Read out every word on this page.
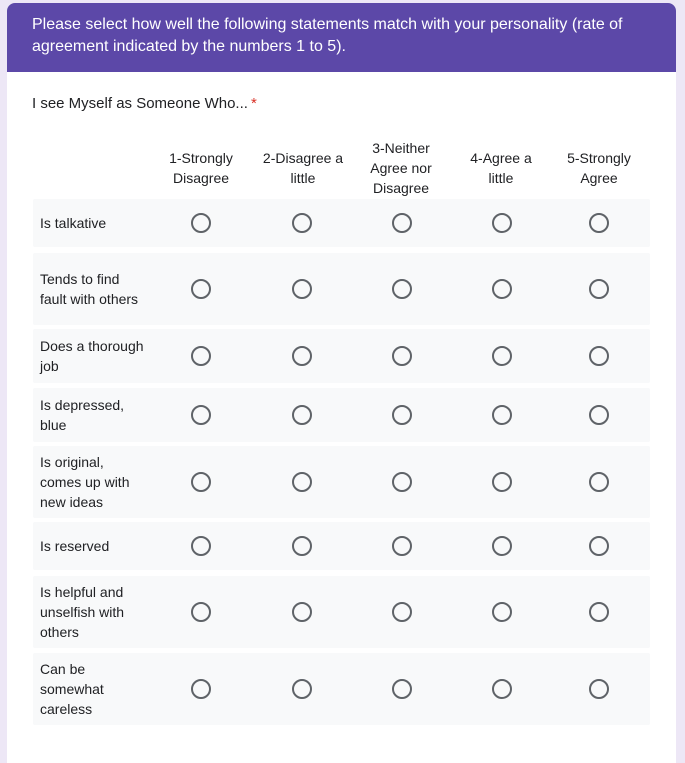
Please select how well the following statements match with your personality (rate of agreement indicated by the numbers 1 to 5).
I see Myself as Someone Who... *
1-Strongly Disagree
2-Disagree a little
3-Neither Agree nor Disagree
4-Agree a little
5-Strongly Agree
Is talkative
Tends to find fault with others
Does a thorough job
Is depressed, blue
Is original, comes up with new ideas
Is reserved
Is helpful and unselfish with others
Can be somewhat careless
